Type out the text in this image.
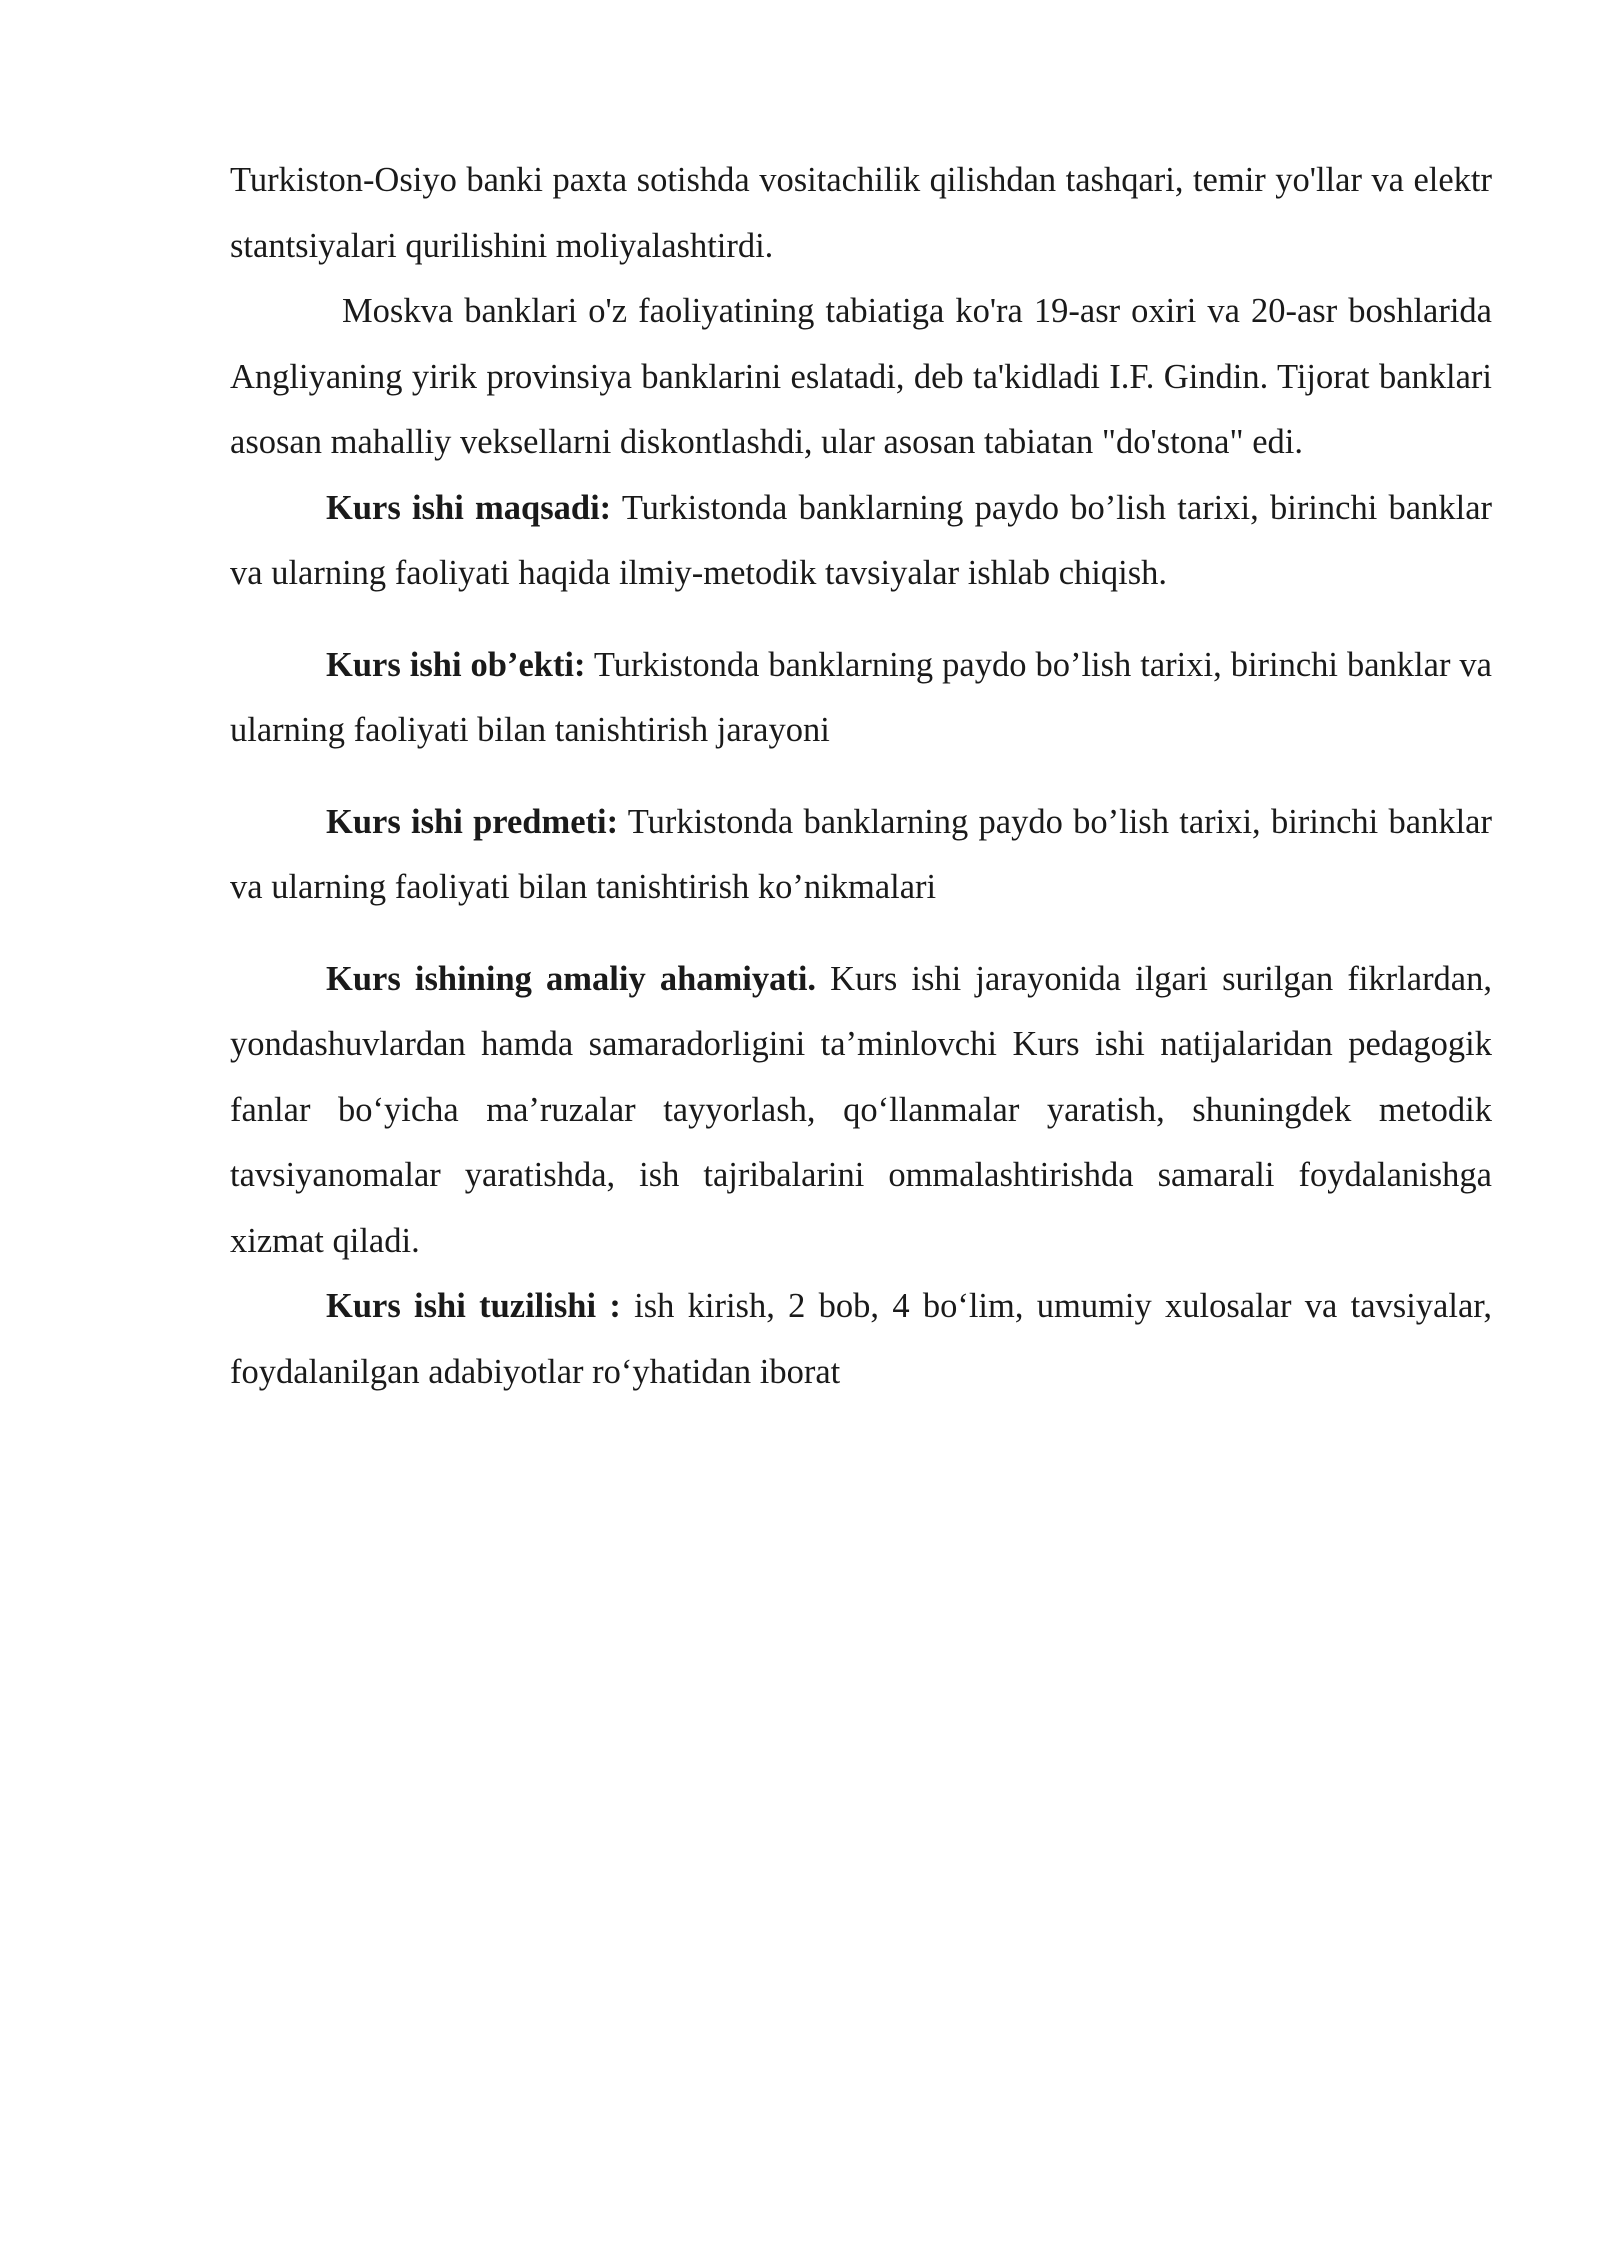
Turkiston-Osiyo banki paxta sotishda vositachilik qilishdan tashqari, temir yo'llar va elektr stantsiyalari qurilishini moliyalashtirdi.

Moskva banklari o'z faoliyatining tabiatiga ko'ra 19-asr oxiri va 20-asr boshlarida Angliyaning yirik provinsiya banklarini eslatadi, deb ta'kidladi I.F. Gindin. Tijorat banklari asosan mahalliy veksellarni diskontlashdi, ular asosan tabiatan "do'stona" edi.

Kurs ishi maqsadi: Turkistonda banklarning paydo bo’lish tarixi, birinchi banklar va ularning faoliyati haqida ilmiy-metodik tavsiyalar ishlab chiqish.

Kurs ishi ob’ekti: Turkistonda banklarning paydo bo’lish tarixi, birinchi banklar va ularning faoliyati bilan tanishtirish jarayoni

Kurs ishi predmeti: Turkistonda banklarning paydo bo’lish tarixi, birinchi banklar va ularning faoliyati bilan tanishtirish ko’nikmalari

Kurs ishining amaliy ahamiyati. Kurs ishi jarayonida ilgari surilgan fikrlardan, yondashuvlardan hamda samaradorligini ta’minlovchi Kurs ishi natijalaridan pedagogik fanlar bo‘yicha ma’ruzalar tayyorlash, qo‘llanmalar yaratish, shuningdek metodik tavsiyanomalar yaratishda, ish tajribalarini ommalashtirishda samarali foydalanishga xizmat qiladi.

Kurs ishi tuzilishi : ish kirish, 2 bob, 4 bo‘lim, umumiy xulosalar va tavsiyalar, foydalanilgan adabiyotlar ro‘yhatidan iborat
